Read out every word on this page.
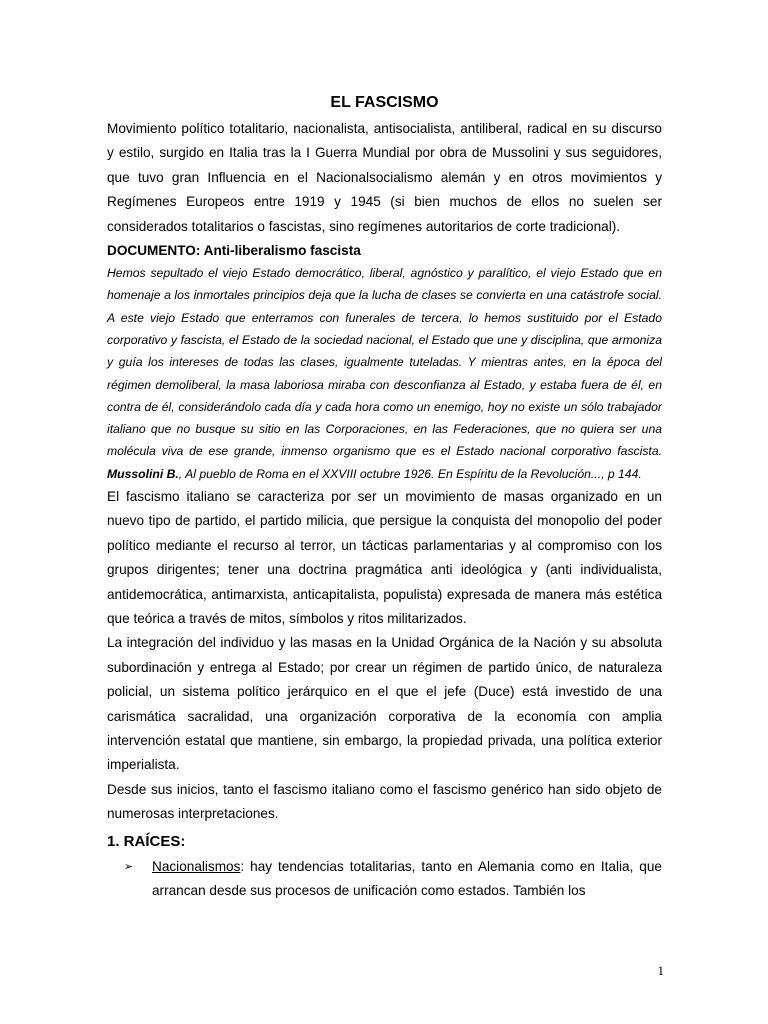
EL FASCISMO

Movimiento político totalitario, nacionalista, antisocialista, antiliberal, radical en su discurso y estilo, surgido en Italia tras la I Guerra Mundial por obra de Mussolini y sus seguidores, que tuvo gran Influencia en el Nacionalsocialismo alemán y en otros movimientos y Regímenes Europeos entre 1919 y 1945 (si bien muchos de ellos no suelen ser considerados totalitarios o fascistas, sino regímenes autoritarios de corte tradicional).

DOCUMENTO: Anti-liberalismo fascista

Hemos sepultado el viejo Estado democrático, liberal, agnóstico y paralítico, el viejo Estado que en homenaje a los inmortales principios deja que la lucha de clases se convierta en una catástrofe social. A este viejo Estado que enterramos con funerales de tercera, lo hemos sustituido por el Estado corporativo y fascista, el Estado de la sociedad nacional, el Estado que une y disciplina, que armoniza y guía los intereses de todas las clases, igualmente tuteladas. Y mientras antes, en la época del régimen demoliberal, la masa laboriosa miraba con desconfianza al Estado, y estaba fuera de él, en contra de él, considerándolo cada día y cada hora como un enemigo, hoy no existe un sólo trabajador italiano que no busque su sitio en las Corporaciones, en las Federaciones, que no quiera ser una molécula viva de ese grande, inmenso organismo que es el Estado nacional corporativo fascista. Mussolini B., Al pueblo de Roma en el XXVIII octubre 1926. En Espíritu de la Revolución..., p 144.

El fascismo italiano se caracteriza por ser un movimiento de masas organizado en un nuevo tipo de partido, el partido milicia, que persigue la conquista del monopolio del poder político mediante el recurso al terror, un tácticas parlamentarias y al compromiso con los grupos dirigentes; tener una doctrina pragmática anti ideológica y (anti individualista, antidemocrática, antimarxista, anticapitalista, populista) expresada de manera más estética que teórica a través de mitos, símbolos y ritos militarizados.

La integración del individuo y las masas en la Unidad Orgánica de la Nación y su absoluta subordinación y entrega al Estado; por crear un régimen de partido único, de naturaleza policial, un sistema político jerárquico en el que el jefe (Duce) está investido de una carismática sacralidad, una organización corporativa de la economía con amplia intervención estatal que mantiene, sin embargo, la propiedad privada, una política exterior imperialista.

Desde sus inicios, tanto el fascismo italiano como el fascismo genérico han sido objeto de numerosas interpretaciones.

1. RAÍCES:

➢ Nacionalismos: hay tendencias totalitarias, tanto en Alemania como en Italia, que arrancan desde sus procesos de unificación como estados. También los

1
